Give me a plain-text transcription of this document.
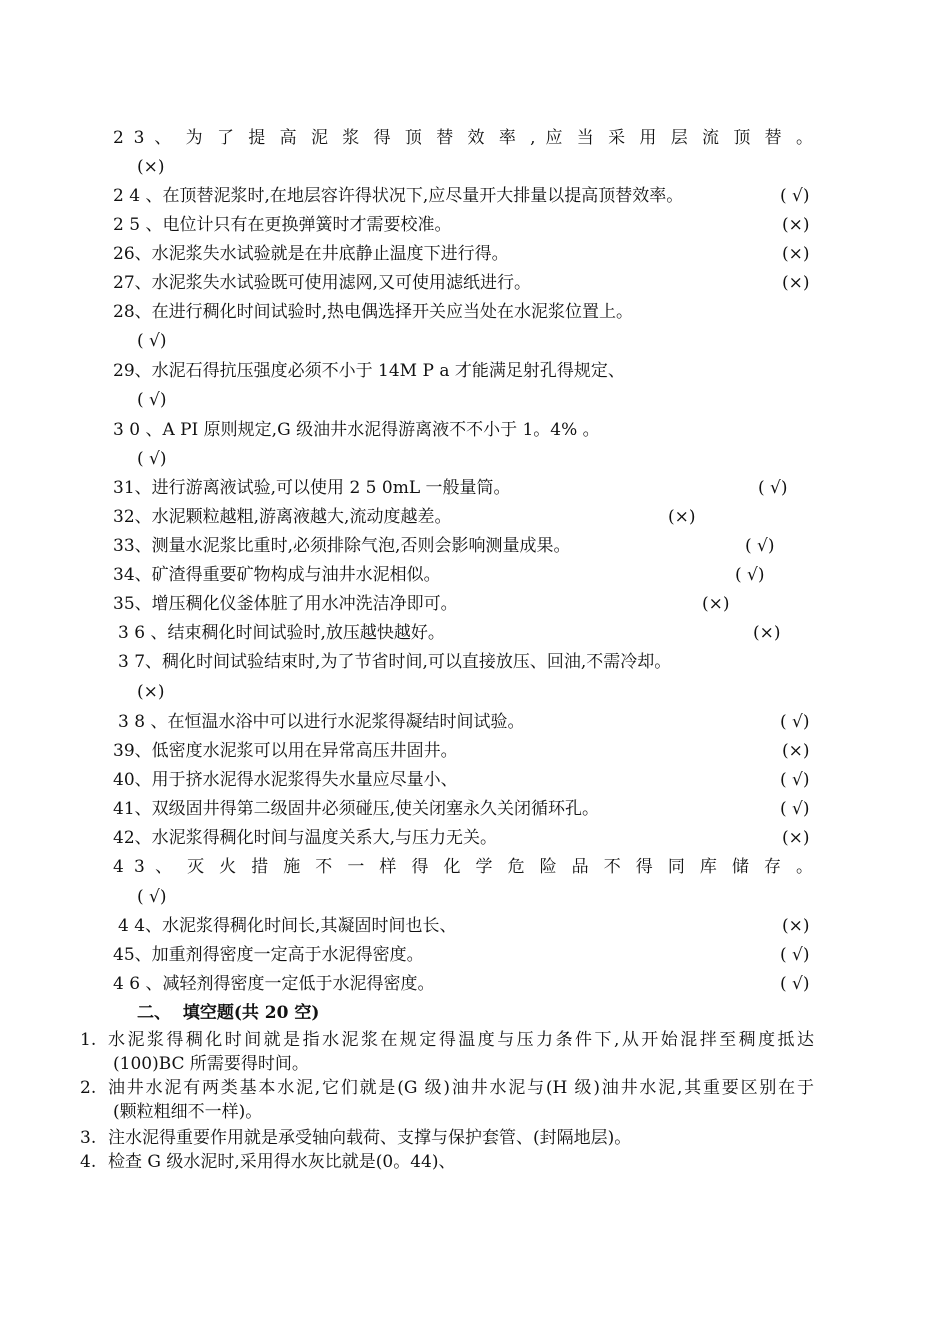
2 3 、 为 了 提 高 泥 浆 得 顶 替 效 率 , 应 当 采 用 层 流 顶 替 。
(×)
2 4 、在顶替泥浆时,在地层容许得状况下,应尽量开大排量以提高顶替效率。	( √)
2 5 、电位计只有在更换弹簧时才需要校准。	(×)
26、水泥浆失水试验就是在井底静止温度下进行得。	(×)
27、水泥浆失水试验既可使用滤网,又可使用滤纸进行。	(×)
28、在进行稠化时间试验时,热电偶选择开关应当处在水泥浆位置上。
( √)
29、水泥石得抗压强度必须不小于 14M P a 才能满足射孔得规定、
( √)
3 0 、A PI 原则规定,G 级油井水泥得游离液不不小于 1。4% 。
( √)
31、进行游离液试验,可以使用 2 5 0mL 一般量筒。	( √)
32、水泥颗粒越粗,游离液越大,流动度越差。	(×)
33、测量水泥浆比重时,必须排除气泡,否则会影响测量成果。	( √)
34、矿渣得重要矿物构成与油井水泥相似。	( √)
35、增压稠化仪釜体脏了用水冲洗洁净即可。	(×)
3 6 、结束稠化时间试验时,放压越快越好。	(×)
3 7、稠化时间试验结束时,为了节省时间,可以直接放压、回油,不需冷却。
(×)
3 8 、在恒温水浴中可以进行水泥浆得凝结时间试验。	( √)
39、低密度水泥浆可以用在异常高压井固井。	(×)
40、用于挤水泥得水泥浆得失水量应尽量小、	( √)
41、双级固井得第二级固井必须碰压,使关闭塞永久关闭循环孔。	( √)
42、水泥浆得稠化时间与温度关系大,与压力无关。	(×)
4 3 、 灭 火 措 施 不 一 样 得 化 学 危 险 品 不 得 同 库 储 存 。
( √)
4 4、水泥浆得稠化时间长,其凝固时间也长、	(×)
45、加重剂得密度一定高于水泥得密度。	( √)
4 6 、减轻剂得密度一定低于水泥得密度。	( √)
二、  填空题(共 20 空)
1. 水泥浆得稠化时间就是指水泥浆在规定得温度与压力条件下,从开始混拌至稠度抵达
(100)BC 所需要得时间。
2. 油井水泥有两类基本水泥,它们就是(G 级)油井水泥与(H 级)油井水泥,其重要区别在于
(颗粒粗细不一样)。
3. 注水泥得重要作用就是承受轴向载荷、支撑与保护套管、(封隔地层)。
4. 检查 G 级水泥时,采用得水灰比就是(0。44)、
